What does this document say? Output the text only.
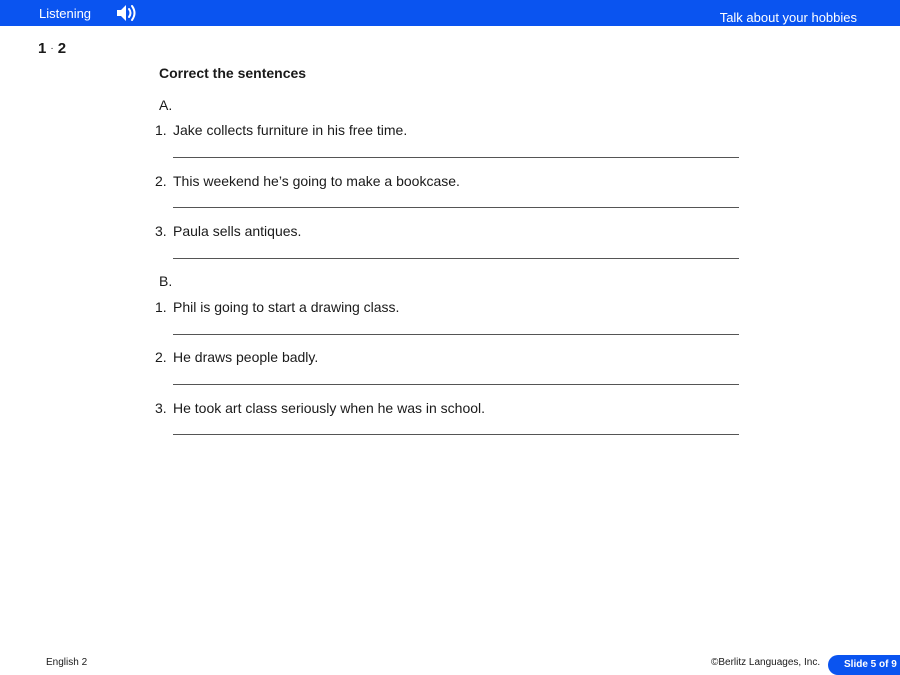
Listening	Talk about your hobbies
1 · 2
Correct the sentences
A.
1. Jake collects furniture in his free time.
2. This weekend he’s going to make a bookcase.
3. Paula sells antiques.
B.
1. Phil is going to start a drawing class.
2. He draws people badly.
3. He took art class seriously when he was in school.
English 2	©Berlitz Languages, Inc.	Slide 5 of 9
